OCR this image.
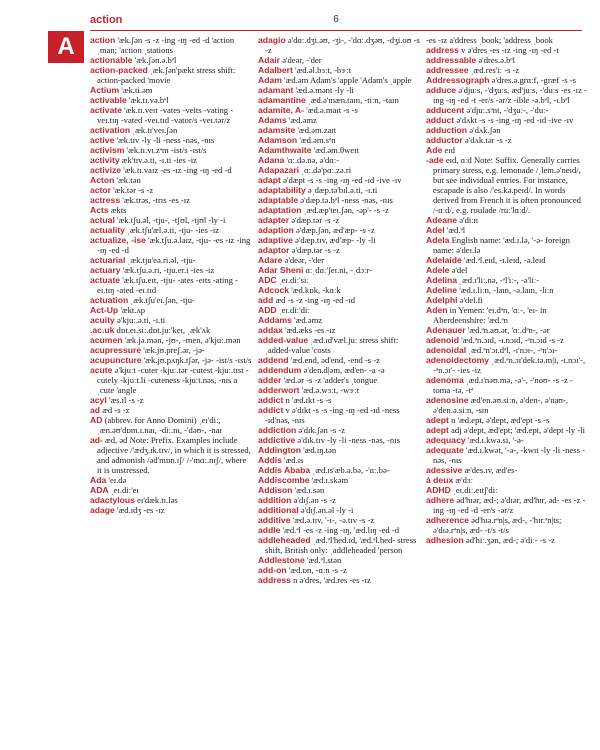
action	6
A	action 'æk.ʃən -s -z -ing -ɪŋ -ed -d 'action ˌman; 'action ˌstations

actionable 'æk.ʃən.ə.bᵊl

action-packed ˌæk.ʃən'pækt stress shift: action-packed 'movie

Actium 'æk.ti.əm

activable 'æk.tɪ.və.bᵊl

activate 'æk.tɪ.veɪt -vates -veits -vating -veɪ.tɪŋ -vated -veɪ.tɪd -vator/s -veɪ.tər/z

activation ˌæk.tɪ'veɪ.ʃən

active 'æk.tɪv -ly -li -ness -nəs, -nɪs

activism 'æk.tɪ.vɪ.zᵊm -ist/s -ɪst/s

activity æk'tɪv.ə.ti, -ɪ.ti -ies -iz

activize 'æk.tɪ.vaɪz -es -ɪz -ing -ɪŋ -ed -d

Acton 'æk.tən

actor 'æk.tər -s -z

actress 'æk.trəs, -trɪs -es -ɪz

Acts ækts

actual 'æk.tʃu.əl, -tju-, -tʃʊl, -tjʊl -ly -i

actuality ˌæk.tʃu'æl.ə.ti, -tju- -ies -iz

actualize, -ise 'æk.tʃu.ə.laɪz, -tju- -es -ɪz -ing -ɪŋ -ed -d

actuarial ˌæk.tju'eə.ri.əl, -tju-

actuary 'æk.tʃu.ə.ri, -tju.er.i -ies -iz

actuate 'æk.tʃu.eɪt, -tju- -ates -eɪts -ating -eɪ.tɪŋ -ated -eɪ.tɪd

actuation ˌæk.tʃu'eɪ.ʃən, -tju-

Act-Up 'ækt.ʌp

acuity ə'kjuː.ə.ti, -ɪ.ti

.ac.uk dɒt.eɪ.siː.dɒt.juː'keɪ, ˌæk'ʌk

acumen 'æk.jə.mən, -jʊ-, -men, ə'kjuː.mən

acupressure 'æk.jʊ.preʃ.ər, -jə-

acupuncture 'æk.jʊ.pʌŋk.tʃər, -jə- -ist/s -ɪst/s

acute ə'kjuːt -cuter -kjuː.tər -cutest -kjuː.tɪst -cutely -kjuːt.li -cuteness -kjuːt.nəs, -nɪs aˌcute 'angle

acyl 'æs.ɪl -s -z

ad æd -s -z

AD (abbrev. for Anno Domini) ˌeɪ'diː, ˌæn.əʊ'dɒm.ɪ.naɪ, -diː.nɪ, -'dəʊ-, -naɪ

ad- æd, əd Note: Prefix. Examples include adjective /'ædʒ.ɪk.tɪv/, in which it is stressed, and admonish /əd'mɒn.ɪʃ/ /-'mɑː.nɪʃ/, where it is unstressed.

Ada 'eɪ.də

ADA ˌeɪ.diː'eɪ

adactylous eɪ'dæk.tɪ.ləs

adage 'æd.ɪdʒ -es -ɪz

adagio ə'dɑː.dʒi.əʊ, -ʒi-, -'dɑː.dʒəʊ, -dʒi.oʊ -s -z

Adair ə'deər, -'der

Adalbert 'æd.əl.bɜːt, -bɝːt

Adam 'æd.əm Adam's 'apple 'Adam's ˌapple

adamant 'æd.ə.mənt -ly -li

adamantine ˌæd.ə'mæn.taɪn, -tiːn, -taɪn

adamite, A- 'æd.ə.maɪt -s -s

Adams 'æd.əmz

adamsite 'æd.əm.zaɪt

Adamson 'æd.əm.sᵊn

Adamthwaite 'æd.əm.θweɪt

Adana 'ɑː.də.nə, ə'dɑː-

Adapazari ˌɑː.də'pɑː.zə.ri

adapt ə'dæpt -s -s -ing -ɪŋ -ed -ɪd -ive -ɪv

adaptability əˌdæp.tə'bɪl.ə.ti, -ɪ.ti

adaptable ə'dæp.tə.bᵊl -ness -nəs, -nɪs

adaptation ˌæd.æp'teɪ.ʃən, -əp'- -s -z

adapter ə'dæp.tər -s -z

adaption ə'dæp.ʃən, æd'æp- -s -z

adaptive ə'dæp.tɪv, æd'æp- -ly -li

adaptor ə'dæp.tər -s -z

Adare ə'deər, -'der

Adar Sheni ɑːˌdɑː'ʃeɪ.ni, -ˌdɔːr-

ADC ˌeɪ.diː'siː

Adcock 'æd.kɒk, -kɑːk

add æd -s -z -ing -ɪŋ -ed -ɪd

ADD ˌeɪ.diː'diː

Addams 'æd.əmz

addax 'æd.æks -es -ɪz

added-value ˌæd.ɪd'væl.juː stress shift: ˌadded-value 'costs

addend 'æd.end, əd'end, -end -s -z

addendum ə'den.d|əm, æd'en- -a -ə

adder 'æd.ər -s -z 'adder's ˌtongue

adderwort 'æd.ə.wɜːt, -wɝːt

addict n 'æd.ɪkt -s -s

addict v ə'dɪkt -s -s -ing -ɪŋ -ed -ɪd -ness -ɪd'nəs, -nɪs

addiction ə'dɪk.ʃən -s -z

addictive ə'dɪk.tɪv -ly -li -ness -nəs, -nɪs

Addington 'æd.ɪŋ.tən

Addis 'æd.ɪs

Addis Ababa ˌæd.ɪs'æb.ə.bə, -'ɑː.bə-

Addiscombe 'æd.ɪ.skəm

Addison 'æd.ɪ.sən

addition ə'dɪʃ.ən -s -z

additional ə'dɪʃ.ən.əl -ly -i

additive 'æd.ə.tɪv, '-ɪ-, -ə.tɪv -s -z

addle 'æd.ᵊl -es -z -ing -ɪŋ, 'æd.lɪŋ -ed -d

addleheaded ˌæd.ᵊl'hed.ɪd, 'æd.ᵊl.hed- stress shift, British only: ˌaddleheaded 'person

Addlestone 'æd.ᵊl.stən

add-on 'æd.ɒn, -ɑːn -s -z

address n ə'dres, 'æd.res -es -ɪz

-es -ɪz a'ddress ˌbook; 'address ˌbook

address v ə'dres -es -ɪz -ing -ɪŋ -ed -t

addressable ə'dres.ə.bᵊl

addressee ˌæd.res'iː -s -z

Addressograph ə'dres.ə.grɑːf, -græf -s -s

adduce ə'djuːs, -'dʒuːs, æd'juːs, -'duːs -es -ɪz -ing -ɪŋ -ed -t -er/s -ər/z -ible -ə.bᵊl, -ɪ.bᵊl

adducent ə'djuː.sᵊnt, -'dʒuː-, -'duː-

adduct ə'dʌkt -s -s -ing -ɪŋ -ed -ɪd -ive -ɪv

adduction ə'dʌk.ʃən

adductor ə'dʌk.tər -s -z

Ade eɪd

-ade eɪd, ɑːd Note: Suffix. Generally carries primary stress, e.g. lemonade /ˌlem.ə'neɪd/, but see individual entries. For instance, escapade is also /'es.kə.peɪd/. In words derived from French it is often pronounced /-ɑːd/, e.g. roulade /ruː'lɑːd/.

Adeane ə'diːn

Adel 'æd.ᵊl

Adela English name: 'æd.ɪ.lə, '-ə- foreign name: ə'deɪ.lə

Adelaide 'æd.ᵊl.eɪd, -ɪ.leɪd, -ə.leɪd

Adele ə'del

Adelina ˌæd.ɪ'liː.nə, -ᵊl'iː-, -ə'liː-

Adeline 'æd.ɪ.liːn, -laɪn, -ə.laɪn, -liːn

Adelphi ə'del.fi

Aden in Yemen: 'eɪ.dᵊn, 'ɑː-, 'eɪ- in Aberdeenshire: 'æd.ᵊn

Adenauer 'æd.ᵊn.aʊ.ər, 'ɑː.dᵊn-, -ər

adenoid 'æd.ᵊn.ɔɪd, -ɪ.nɔɪd, -ᵊn.ɔɪd -s -z

adenoidal ˌæd.ᵊn'ɔɪ.dᵊl, -ɪ'nɔɪ-, -ᵊn'ɔɪ-

adenoidectomy ˌæd.ᵊn.ɔɪ'dek.tə.m|i, -ɪ.nɔɪ'-, -ᵊn.ɔɪ'- -ies -iz

adenoma ˌæd.ɪ'nəʊ.mə, -ə'-, -'noʊ- -s -z -toma -tə, -tᵊ

adenosine æd'en.əʊ.siːn, ə'den-, ə'naʊ-, ə'den.ə.siːn, -sɪn

adept n 'æd.ept, ə'dept, æd'ept -s -s

adept adj ə'dept, æd'ept; 'æd.ept, ə'dept -ly -li

adequacy 'æd.ɪ.kwə.si, '-ə-

adequate 'æd.ɪ.kwət, '-ə-, -kwɪt -ly -li -ness -nəs, -nɪs

adessive æ'des.ɪv, æd'es-

à deux æ'dɜː

ADHD ˌeɪ.diː.eɪtʃ'diː

adhere əd'hɪər, æd-; ə'dɪər, æd'hɪr, əd- -es -z -ing -ɪŋ -ed -d -er/s -ər/z

adherence əd'hɪə.rᵊn|s, æd-, -'hɪr.ᵊn|ts; ə'dɪə.rᵊn|s, æd- -t/s -t/s

adhesion əd'hiː.ʒən, æd-; ə'diː- -s -z
